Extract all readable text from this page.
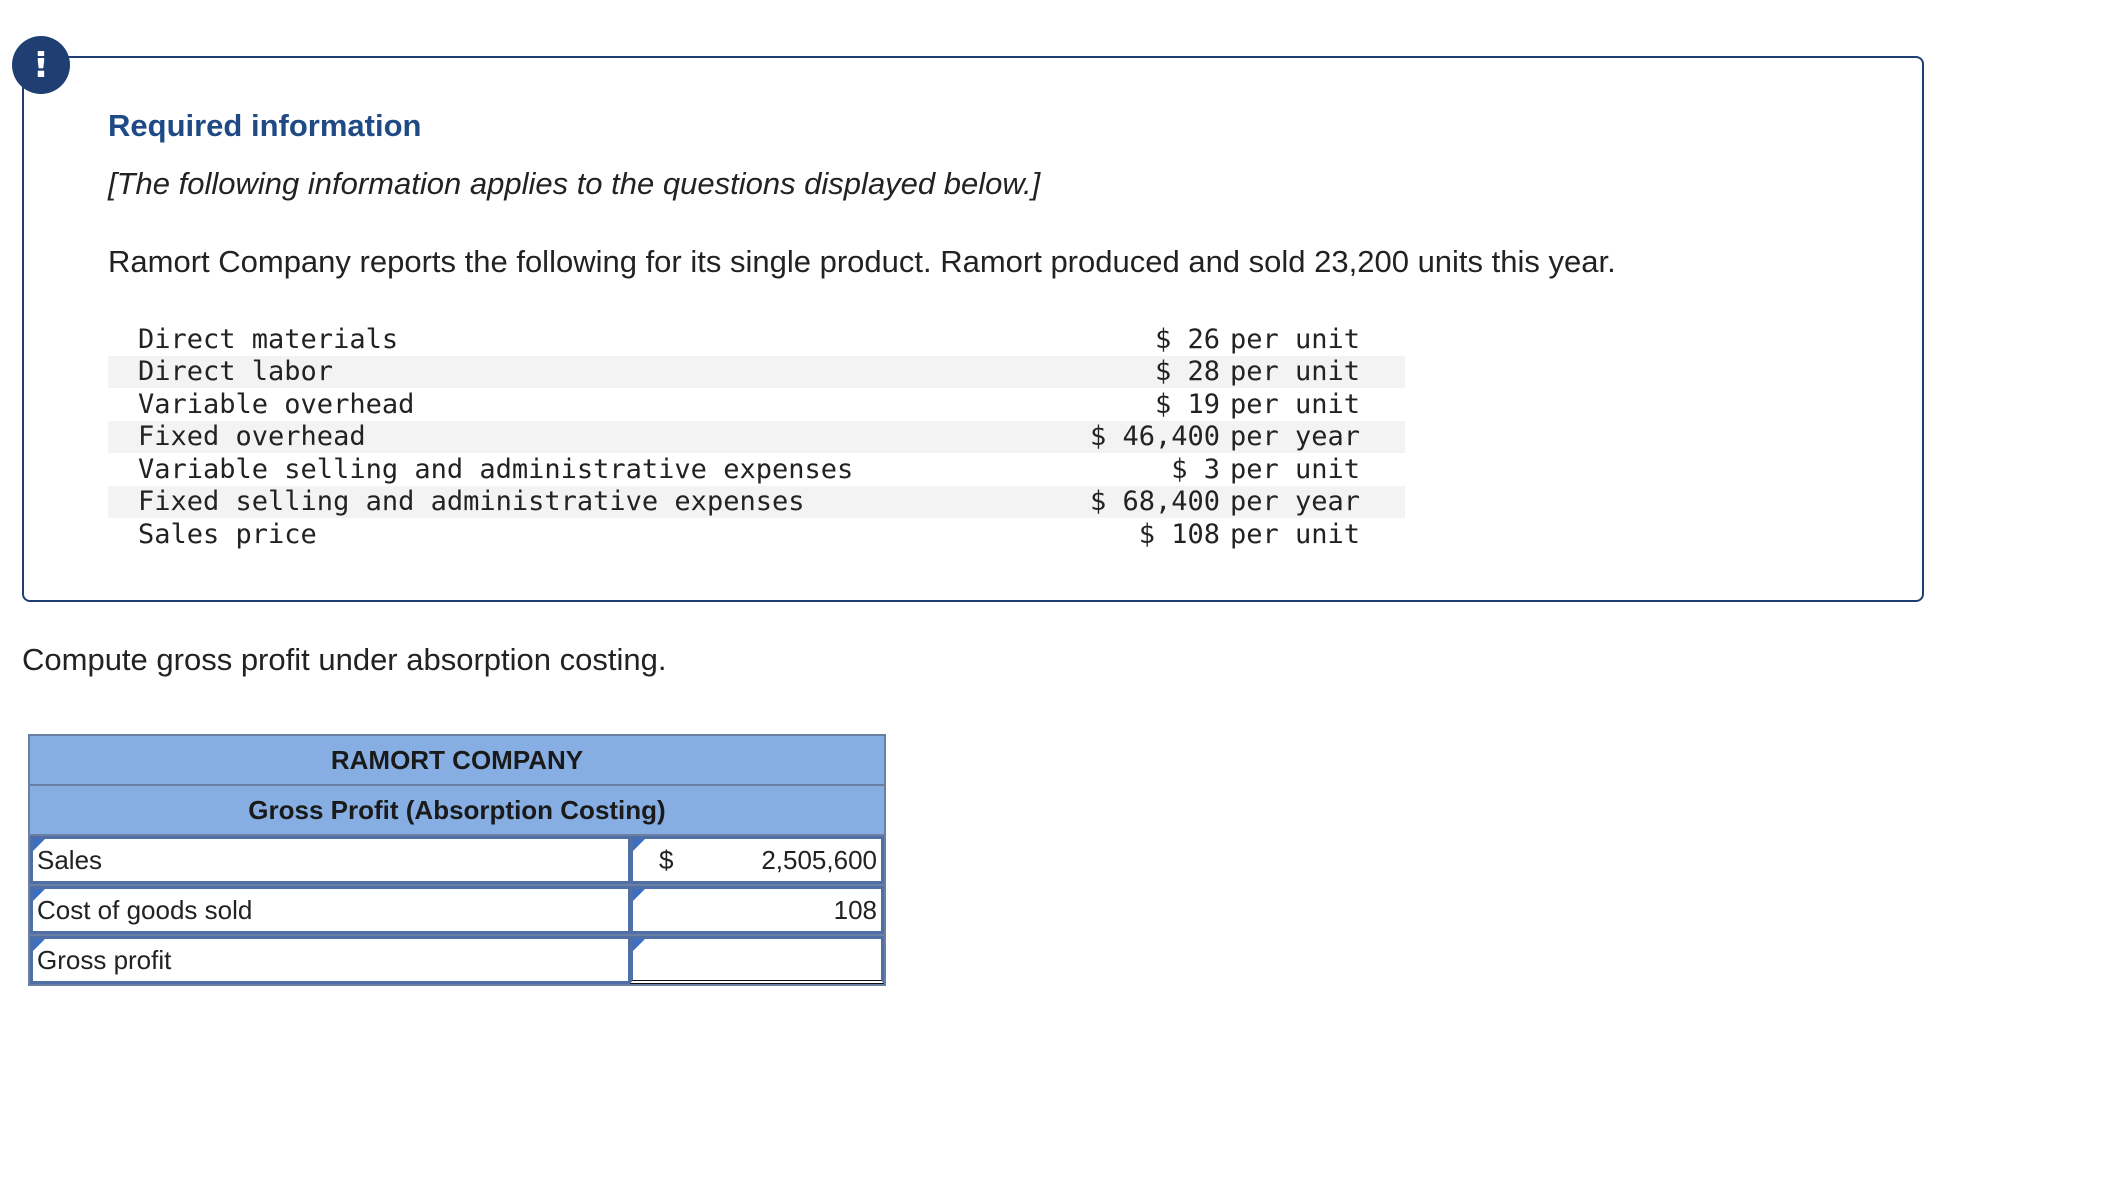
!
Required information
[The following information applies to the questions displayed below.]
Ramort Company reports the following for its single product. Ramort produced and sold 23,200 units this year.
Direct materials	$ 26 per unit
Direct labor	$ 28 per unit
Variable overhead	$ 19 per unit
Fixed overhead	$ 46,400 per year
Variable selling and administrative expenses	$ 3 per unit
Fixed selling and administrative expenses	$ 68,400 per year
Sales price	$ 108 per unit
Compute gross profit under absorption costing.
RAMORT COMPANY
Gross Profit (Absorption Costing)
Sales	$	2,505,600
Cost of goods sold	108
Gross profit
